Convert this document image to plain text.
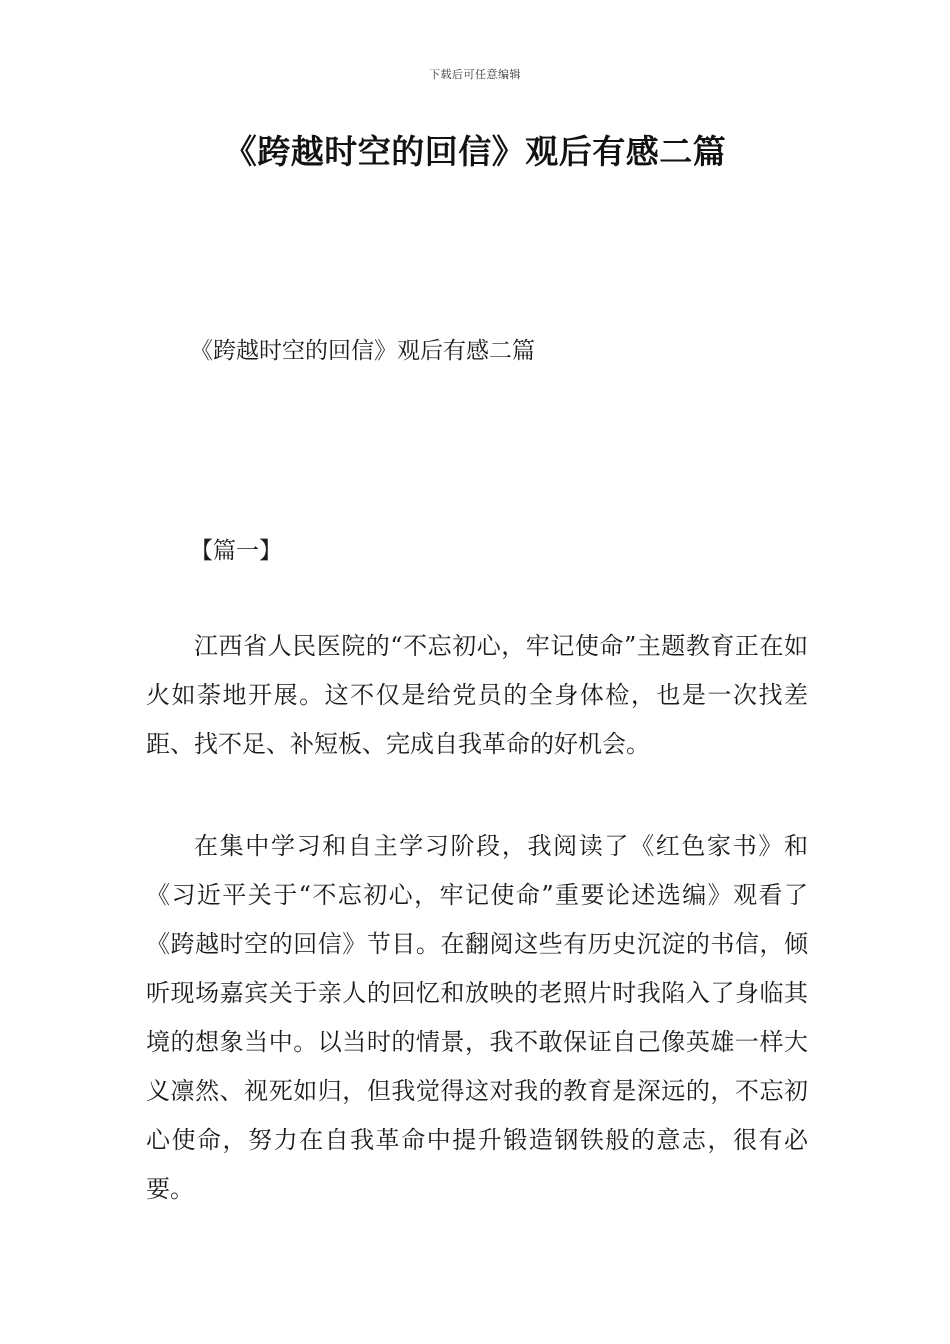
下载后可任意编辑
《跨越时空的回信》观后有感二篇
《跨越时空的回信》观后有感二篇
【篇一】

江西省人民医院的“不忘初心，牢记使命”主题教育正在如火如荼地开展。这不仅是给党员的全身体检，也是一次找差距、找不足、补短板、完成自我革命的好机会。

在集中学习和自主学习阶段，我阅读了《红色家书》和《习近平关于“不忘初心，牢记使命”重要论述选编》观看了《跨越时空的回信》节目。在翻阅这些有历史沉淀的书信，倾听现场嘉宾关于亲人的回忆和放映的老照片时我陷入了身临其境的想象当中。以当时的情景，我不敢保证自己像英雄一样大义凛然、视死如归，但我觉得这对我的教育是深远的，不忘初心使命，努力在自我革命中提升锻造钢铁般的意志，很有必要。
